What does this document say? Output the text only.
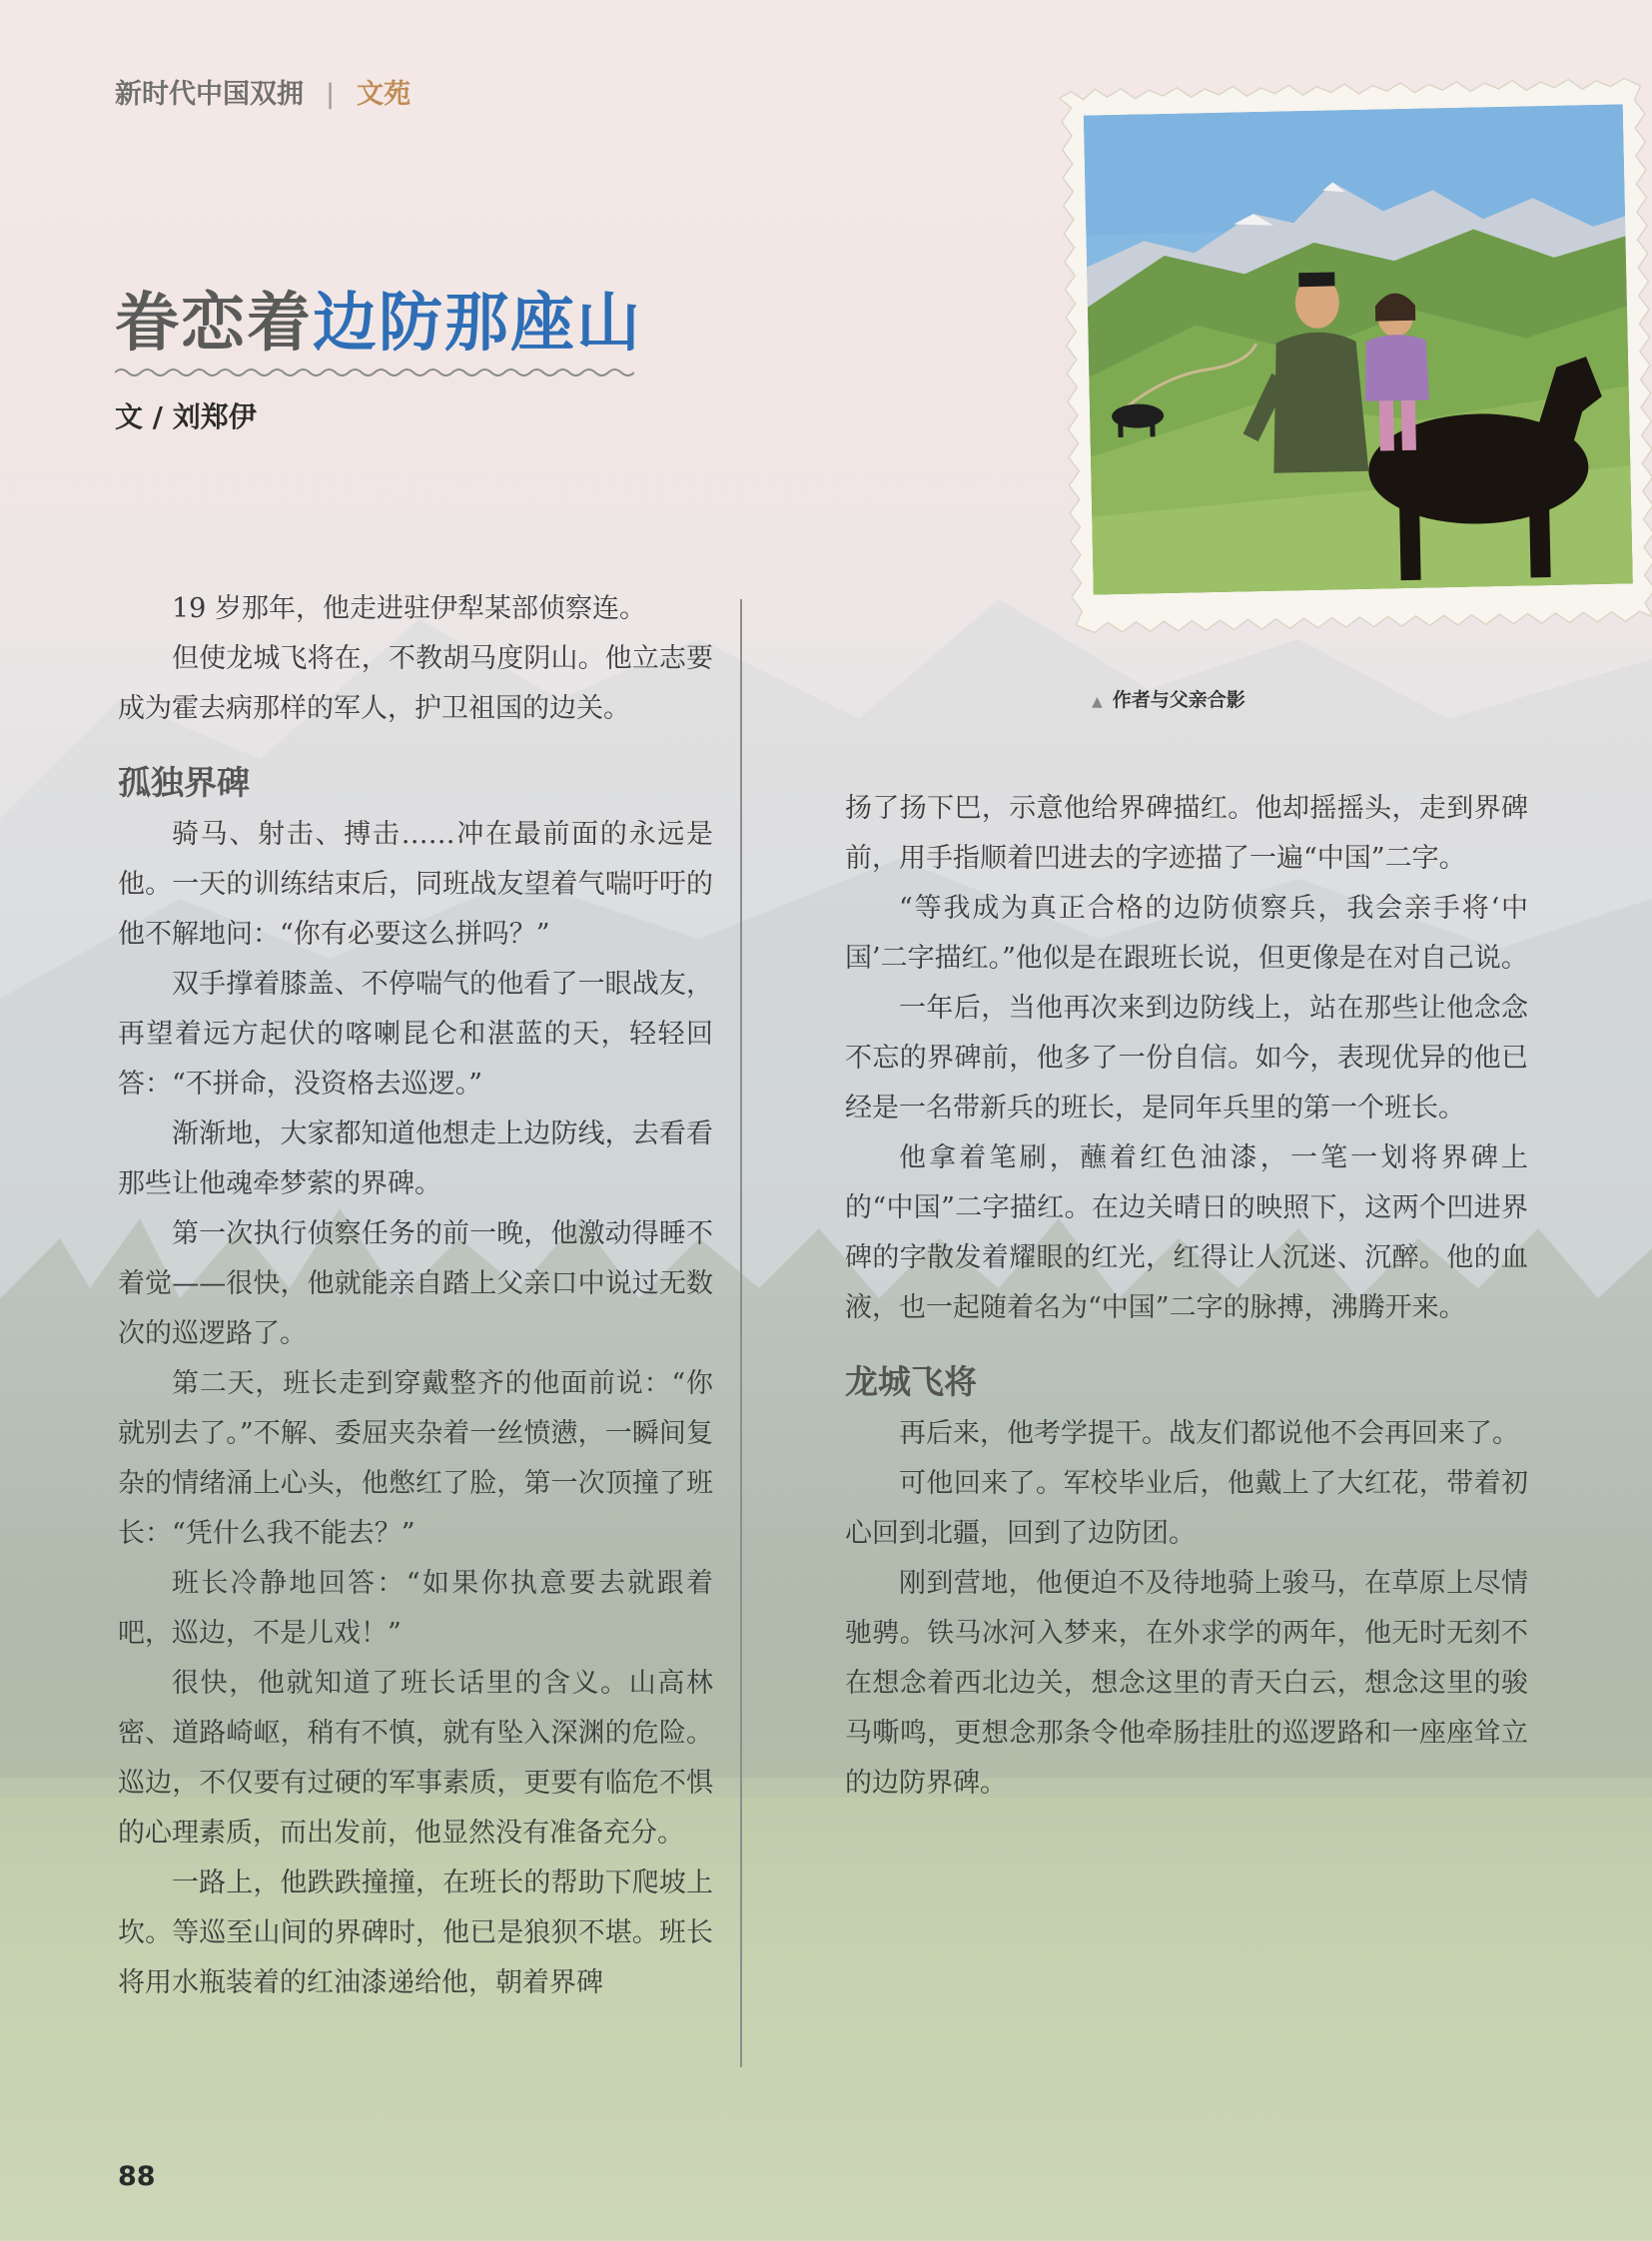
新时代中国双拥 | 文苑
眷恋着边防那座山
文 / 刘郑伊
▲ 作者与父亲合影

19 岁那年，他走进驻伊犁某部侦察连。

但使龙城飞将在，不教胡马度阴山。他立志要成为霍去病那样的军人，护卫祖国的边关。

孤独界碑

骑马、射击、搏击……冲在最前面的永远是他。一天的训练结束后，同班战友望着气喘吁吁的他不解地问：“你有必要这么拼吗？”

双手撑着膝盖、不停喘气的他看了一眼战友，再望着远方起伏的喀喇昆仑和湛蓝的天，轻轻回答：“不拼命，没资格去巡逻。”

渐渐地，大家都知道他想走上边防线，去看看那些让他魂牵梦萦的界碑。

第一次执行侦察任务的前一晚，他激动得睡不着觉——很快，他就能亲自踏上父亲口中说过无数次的巡逻路了。

第二天，班长走到穿戴整齐的他面前说：“你就别去了。”不解、委屈夹杂着一丝愤懑，一瞬间复杂的情绪涌上心头，他憋红了脸，第一次顶撞了班长：“凭什么我不能去？”

班长冷静地回答：“如果你执意要去就跟着吧，巡边，不是儿戏！”

很快，他就知道了班长话里的含义。山高林密、道路崎岖，稍有不慎，就有坠入深渊的危险。巡边，不仅要有过硬的军事素质，更要有临危不惧的心理素质，而出发前，他显然没有准备充分。

一路上，他跌跌撞撞，在班长的帮助下爬坡上坎。等巡至山间的界碑时，他已是狼狈不堪。班长将用水瓶装着的红油漆递给他，朝着界碑

扬了扬下巴，示意他给界碑描红。他却摇摇头，走到界碑前，用手指顺着凹进去的字迹描了一遍“中国”二字。

“等我成为真正合格的边防侦察兵，我会亲手将‘中国’二字描红。”他似是在跟班长说，但更像是在对自己说。

一年后，当他再次来到边防线上，站在那些让他念念不忘的界碑前，他多了一份自信。如今，表现优异的他已经是一名带新兵的班长，是同年兵里的第一个班长。

他拿着笔刷，蘸着红色油漆，一笔一划将界碑上的“中国”二字描红。在边关晴日的映照下，这两个凹进界碑的字散发着耀眼的红光，红得让人沉迷、沉醉。他的血液，也一起随着名为“中国”二字的脉搏，沸腾开来。

龙城飞将

再后来，他考学提干。战友们都说他不会再回来了。

可他回来了。军校毕业后，他戴上了大红花，带着初心回到北疆，回到了边防团。

刚到营地，他便迫不及待地骑上骏马，在草原上尽情驰骋。铁马冰河入梦来，在外求学的两年，他无时无刻不在想念着西北边关，想念这里的青天白云，想念这里的骏马嘶鸣，更想念那条令他牵肠挂肚的巡逻路和一座座耸立的边防界碑。

88
